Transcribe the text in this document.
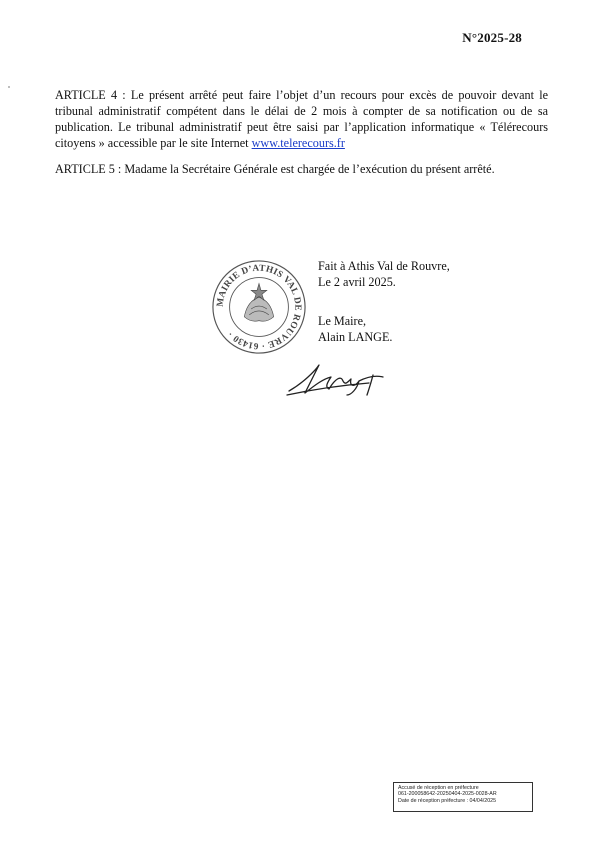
N°2025-28

ARTICLE 4 : Le présent arrêté peut faire l’objet d’un recours pour excès de pouvoir devant le tribunal administratif compétent dans le délai de 2 mois à compter de sa notification ou de sa publication. Le tribunal administratif peut être saisi par l’application informatique « Télérecours citoyens » accessible par le site Internet www.telerecours.fr

ARTICLE 5 : Madame la Secrétaire Générale est chargée de l’exécution du présent arrêté.

MAIRIE D’ATHIS VAL DE ROUVRE · 61430 ·
Fait à Athis Val de Rouvre,
Le 2 avril 2025.
Le Maire,
Alain LANGE.
Accusé de réception en préfecture
061-200058642-20250404-2025-0028-AR
Date de réception préfecture : 04/04/2025
